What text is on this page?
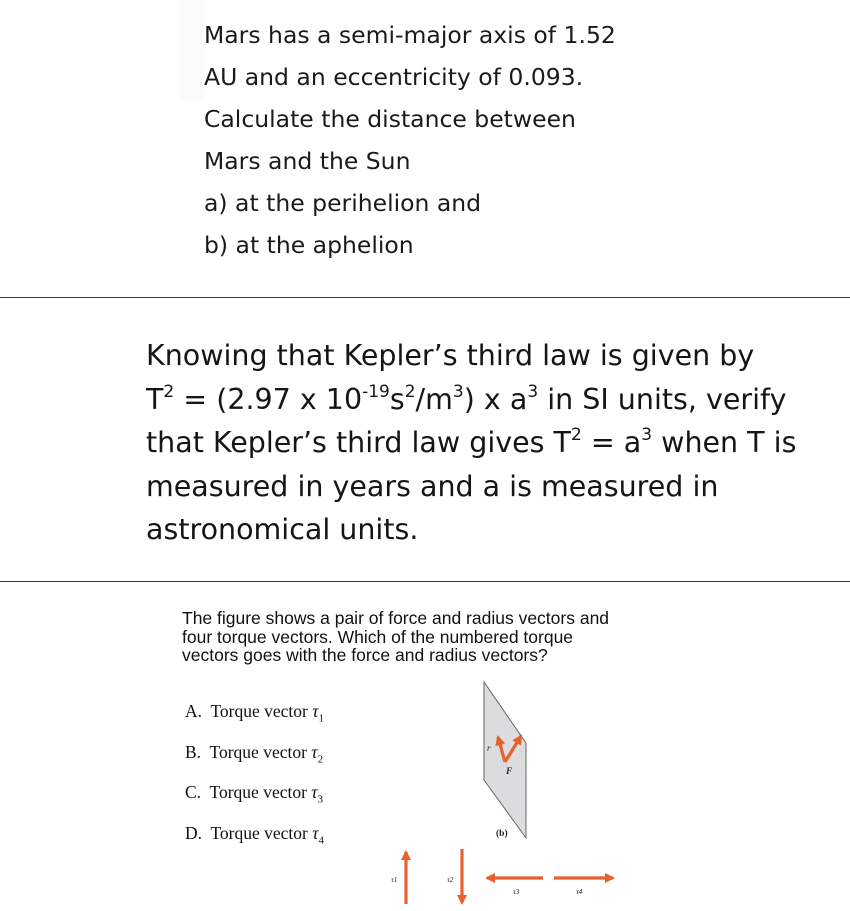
Mars has a semi-major axis of 1.52
AU and an eccentricity of 0.093.
Calculate the distance between
Mars and the Sun
a) at the perihelion and
b) at the aphelion
Knowing that Kepler’s third law is given by
$T^2 = (2.97$ x $10^{-19}s^2/m^3$) x $a^3$ in SI units, verify
that Kepler’s third law gives $T^2 = a^3$ when T is
measured in years and a is measured in
astronomical units.
The figure shows a pair of force and radius vectors and
four torque vectors. Which of the numbered torque
vectors goes with the force and radius vectors?
A. Torque vector $\tau_1$
B. Torque vector $\tau_2$
C. Torque vector $\tau_3$
D. Torque vector $\tau_4$
r
F
(b)
τ1	τ2
τ3	τ4
